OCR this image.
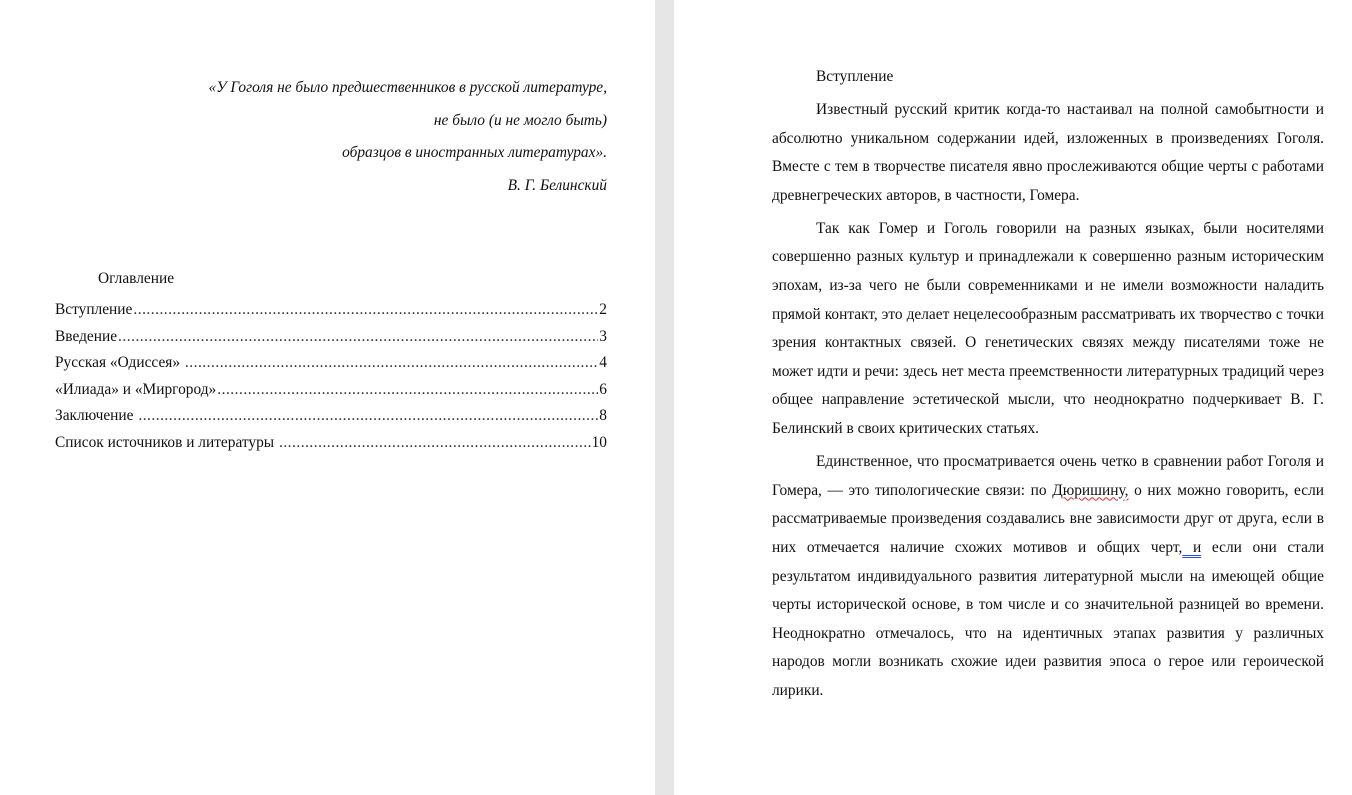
«У Гоголя не было предшественников в русской литературе,
не было (и не могло быть)
образцов в иностранных литературах».
В. Г. Белинский
Оглавление
Вступление .....	2
Введение .....	3
Русская «Одиссея» .....	4
«Илиада» и «Миргород» .....	6
Заключение .....	8
Список источников и литературы .....	10
Вступление

Известный русский критик когда-то настаивал на полной самобытности и абсолютно уникальном содержании идей, изложенных в произведениях Гоголя. Вместе с тем в творчестве писателя явно прослеживаются общие черты с работами древнегреческих авторов, в частности, Гомера.

Так как Гомер и Гоголь говорили на разных языках, были носителями совершенно разных культур и принадлежали к совершенно разным историческим эпохам, из-за чего не были современниками и не имели возможности наладить прямой контакт, это делает нецелесообразным рассматривать их творчество с точки зрения контактных связей. О генетических связях между писателями тоже не может идти и речи: здесь нет места преемственности литературных традиций через общее направление эстетической мысли, что неоднократно подчеркивает В. Г. Белинский в своих критических статьях.

Единственное, что просматривается очень четко в сравнении работ Гоголя и Гомера, — это типологические связи: по Дюришину, о них можно говорить, если рассматриваемые произведения создавались вне зависимости друг от друга, если в них отмечается наличие схожих мотивов и общих черт, и если они стали результатом индивидуального развития литературной мысли на имеющей общие черты исторической основе, в том числе и со значительной разницей во времени. Неоднократно отмечалось, что на идентичных этапах развития у различных народов могли возникать схожие идеи развития эпоса о герое или героической лирики.
